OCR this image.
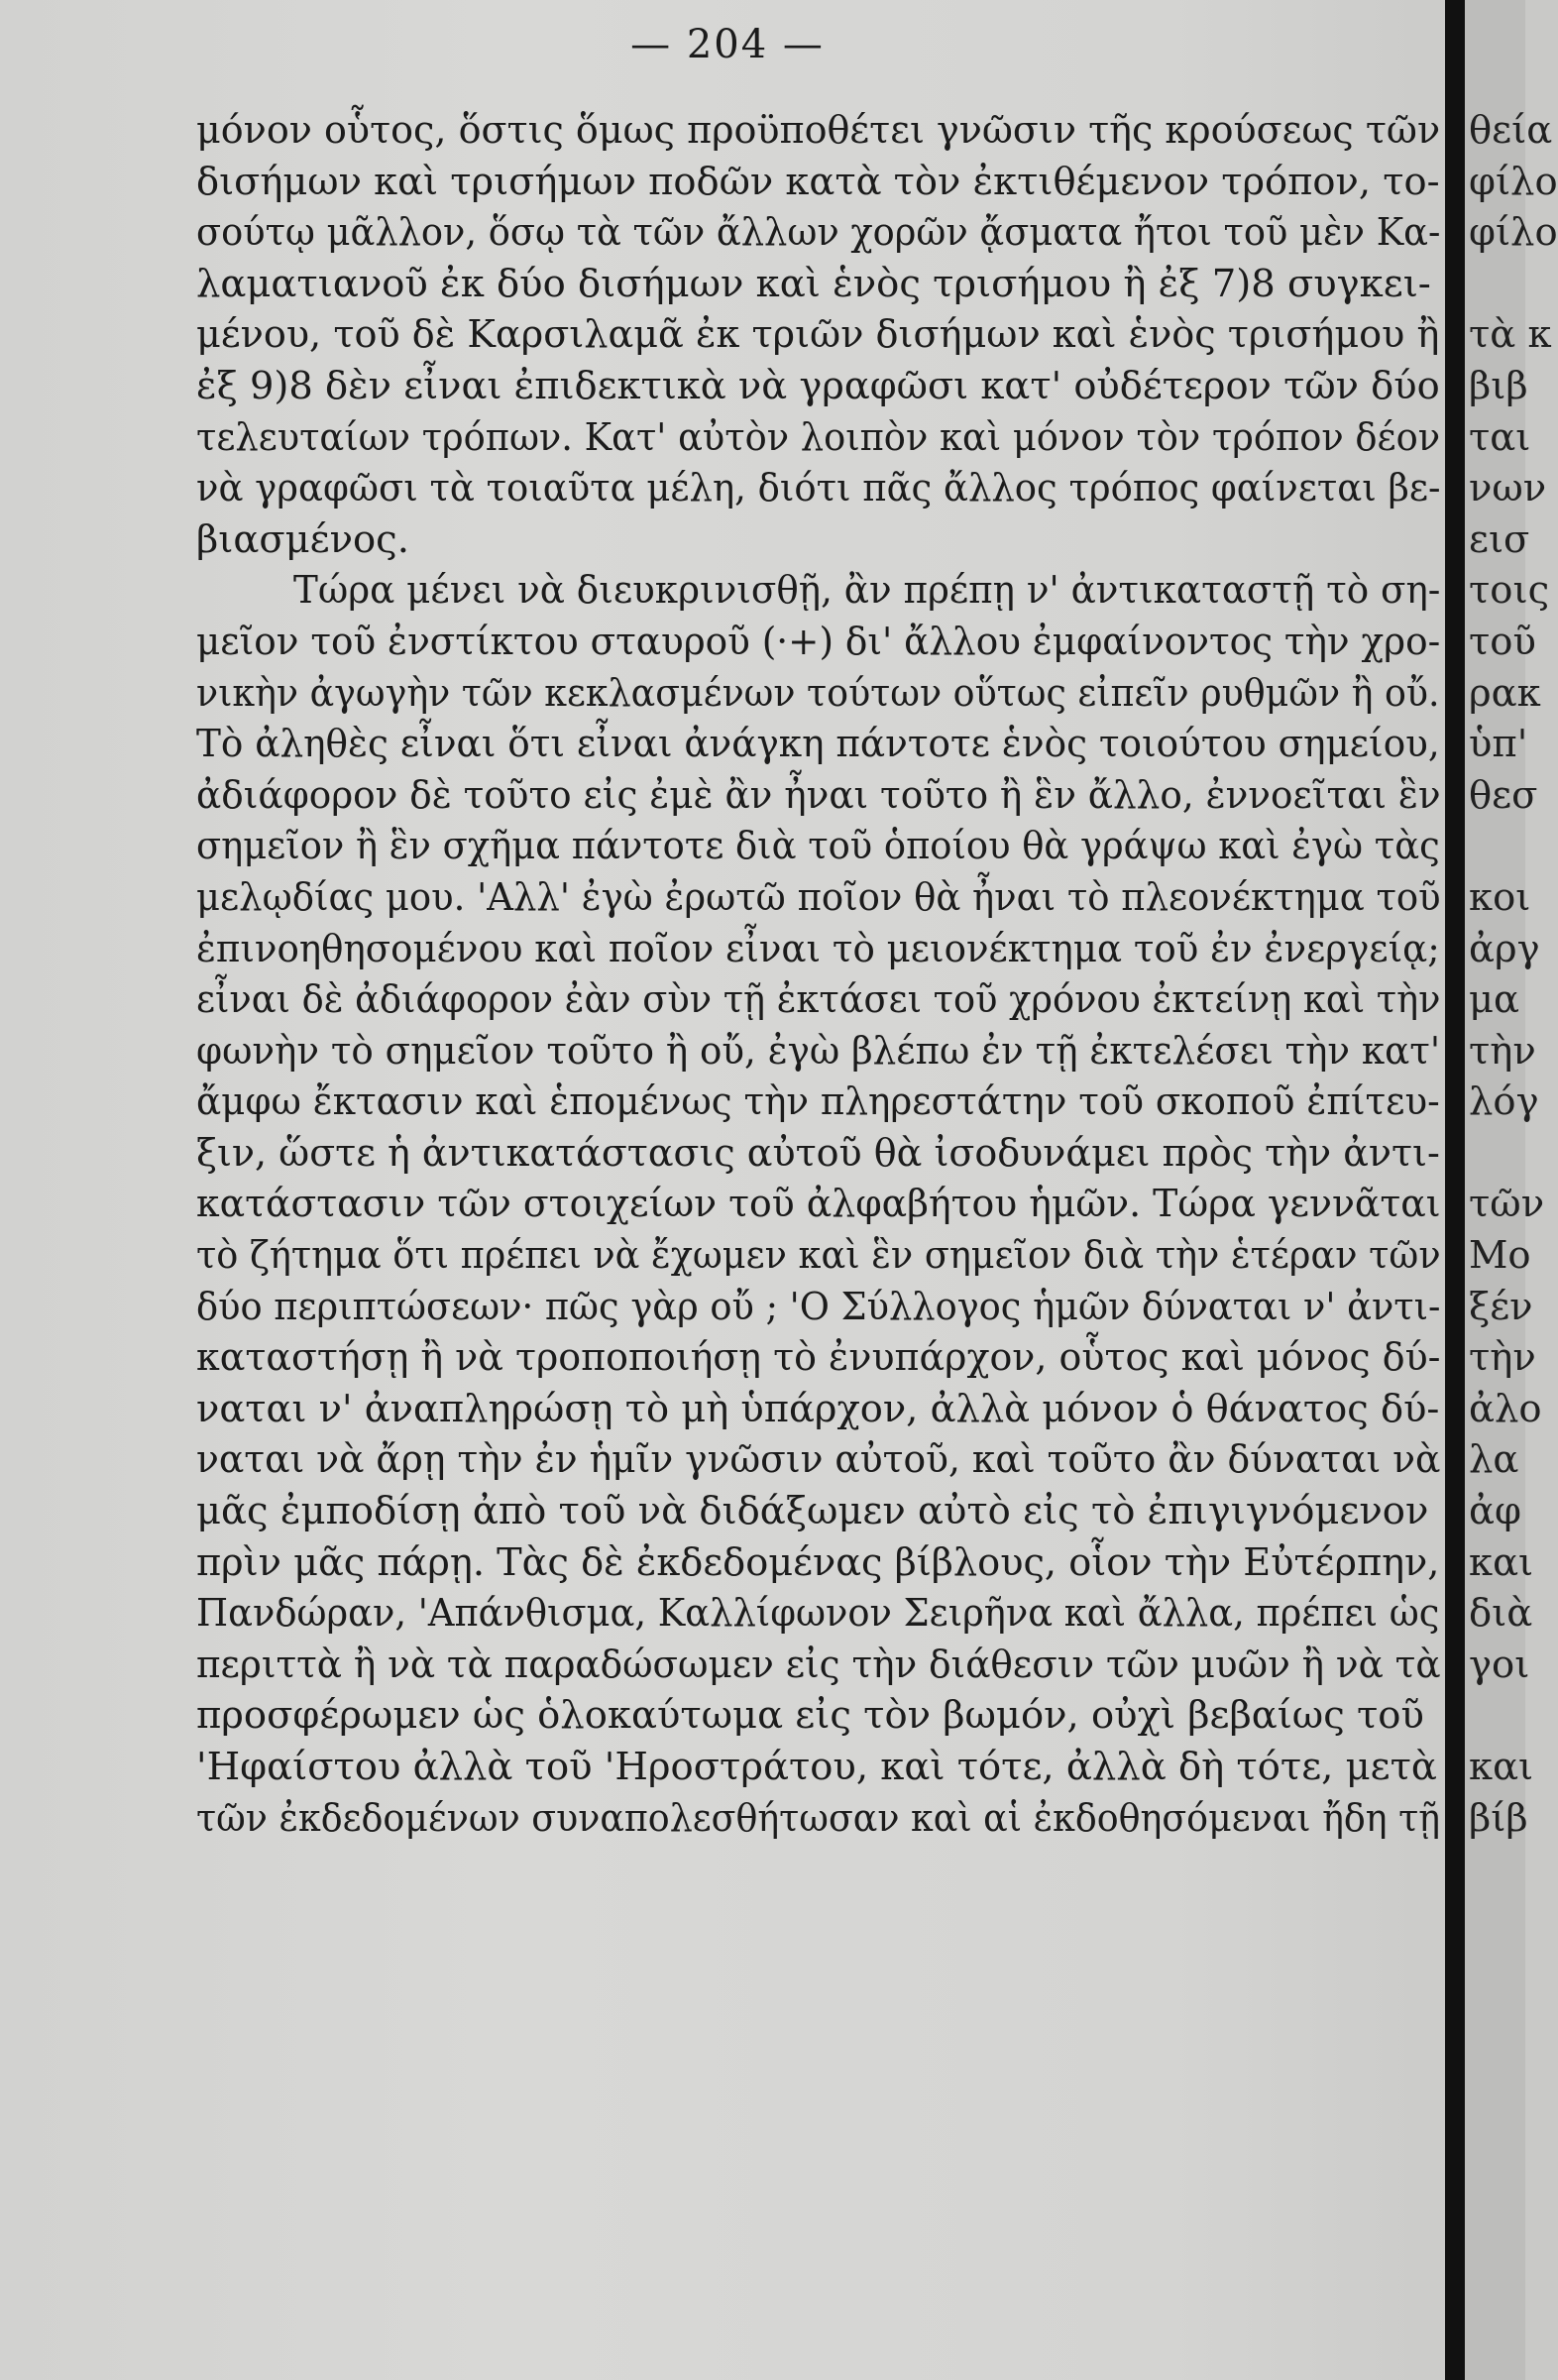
— 204 —
μόνον οὗτος, ὅστις ὅμως προϋποθέτει γνῶσιν τῆς κρούσεως τῶν
δισήμων καὶ τρισήμων ποδῶν κατὰ τὸν ἐκτιθέμενον τρόπον, το-
σούτῳ μᾶλλον, ὅσῳ τὰ τῶν ἄλλων χορῶν ᾄσματα ἤτοι τοῦ μὲν Κα-
λαματιανοῦ ἐκ δύο δισήμων καὶ ἑνὸς τρισήμου ἢ ἐξ 7)8 συγκει-
μένου, τοῦ δὲ Καρσιλαμᾶ ἐκ τριῶν δισήμων καὶ ἑνὸς τρισήμου ἢ
ἐξ 9)8 δὲν εἶναι ἐπιδεκτικὰ νὰ γραφῶσι κατ' οὐδέτερον τῶν δύο
τελευταίων τρόπων. Κατ' αὐτὸν λοιπὸν καὶ μόνον τὸν τρόπον δέον
νὰ γραφῶσι τὰ τοιαῦτα μέλη, διότι πᾶς ἄλλος τρόπος φαίνεται βε-
βιασμένος.
Τώρα μένει νὰ διευκρινισθῇ, ἂν πρέπῃ ν' ἀντικαταστῇ τὸ ση-
μεῖον τοῦ ἐνστίκτου σταυροῦ (·+) δι' ἄλλου ἐμφαίνοντος τὴν χρο-
νικὴν ἀγωγὴν τῶν κεκλασμένων τούτων οὕτως εἰπεῖν ρυθμῶν ἢ οὔ.
Τὸ ἀληθὲς εἶναι ὅτι εἶναι ἀνάγκη πάντοτε ἑνὸς τοιούτου σημείου,
ἀδιάφορον δὲ τοῦτο εἰς ἐμὲ ἂν ἦναι τοῦτο ἢ ἓν ἄλλο, ἐννοεῖται ἓν
σημεῖον ἢ ἓν σχῆμα πάντοτε διὰ τοῦ ὁποίου θὰ γράψω καὶ ἐγὼ τὰς
μελῳδίας μου. 'Αλλ' ἐγὼ ἐρωτῶ ποῖον θὰ ἦναι τὸ πλεονέκτημα τοῦ
ἐπινοηθησομένου καὶ ποῖον εἶναι τὸ μειονέκτημα τοῦ ἐν ἐνεργείᾳ;
εἶναι δὲ ἀδιάφορον ἐὰν σὺν τῇ ἐκτάσει τοῦ χρόνου ἐκτείνῃ καὶ τὴν
φωνὴν τὸ σημεῖον τοῦτο ἢ οὔ, ἐγὼ βλέπω ἐν τῇ ἐκτελέσει τὴν κατ'
ἄμφω ἔκτασιν καὶ ἑπομένως τὴν πληρεστάτην τοῦ σκοποῦ ἐπίτευ-
ξιν, ὥστε ἡ ἀντικατάστασις αὐτοῦ θὰ ἰσοδυνάμει πρὸς τὴν ἀντι-
κατάστασιν τῶν στοιχείων τοῦ ἀλφαβήτου ἡμῶν. Τώρα γεννᾶται
τὸ ζήτημα ὅτι πρέπει νὰ ἔχωμεν καὶ ἓν σημεῖον διὰ τὴν ἑτέραν τῶν
δύο περιπτώσεων· πῶς γὰρ οὔ ; 'Ο Σύλλογος ἡμῶν δύναται ν' ἀντι-
καταστήσῃ ἢ νὰ τροποποιήσῃ τὸ ἐνυπάρχον, οὗτος καὶ μόνος δύ-
ναται ν' ἀναπληρώσῃ τὸ μὴ ὑπάρχον, ἀλλὰ μόνον ὁ θάνατος δύ-
ναται νὰ ἄρῃ τὴν ἐν ἡμῖν γνῶσιν αὐτοῦ, καὶ τοῦτο ἂν δύναται νὰ
μᾶς ἐμποδίσῃ ἀπὸ τοῦ νὰ διδάξωμεν αὐτὸ εἰς τὸ ἐπιγιγνόμενον
πρὶν μᾶς πάρῃ. Τὰς δὲ ἐκδεδομένας βίβλους, οἷον τὴν Εὐτέρπην,
Πανδώραν, 'Απάνθισμα, Καλλίφωνον Σειρῆνα καὶ ἄλλα, πρέπει ὡς
περιττὰ ἢ νὰ τὰ παραδώσωμεν εἰς τὴν διάθεσιν τῶν μυῶν ἢ νὰ τὰ
προσφέρωμεν ὡς ὁλοκαύτωμα εἰς τὸν βωμόν, οὐχὶ βεβαίως τοῦ
'Ηφαίστου ἀλλὰ τοῦ 'Ηροστράτου, καὶ τότε, ἀλλὰ δὴ τότε, μετὰ
τῶν ἐκδεδομένων συναπολεσθήτωσαν καὶ αἱ ἐκδοθησόμεναι ἤδη τῇ
θεία
φίλο
φίλο
τὰ κ
βιβ
ται
νων
εισ
τοις
τοῦ
ρακ
ὑπ'
θεσ
κοι
ἀργ
μα
τὴν
λόγ
τῶν
Μο
ξέν
τὴν
ἀλο
λα
ἀφ
και
διὰ
γοι
και
βίβ
